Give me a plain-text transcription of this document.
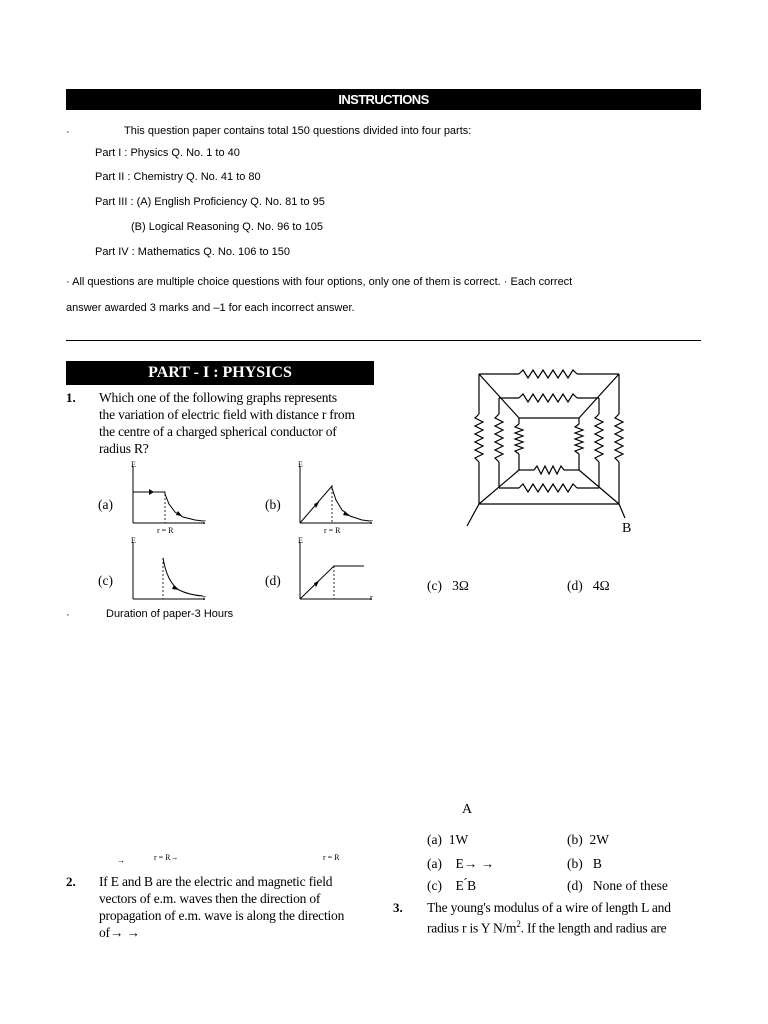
INSTRUCTIONS
·	This question paper contains total 150 questions divided into four parts:
Part I : Physics Q. No. 1 to 40
Part II : Chemistry Q. No. 41 to 80
Part III : (A) English Proficiency Q. No. 81 to 95
(B) Logical Reasoning Q. No. 96 to 105
Part IV : Mathematics Q. No. 106 to 150
· All questions are multiple choice questions with four options, only one of them is correct. · Each correct
answer awarded 3 marks and –1 for each incorrect answer.
PART - I : PHYSICS
1. Which one of the following graphs represents
the variation of electric field with distance r from
the centre of a charged spherical conductor of
radius R?
(a)	(b)
(c)	(d)
E
r
r = R
E
r
r = R
E
r
E
r
·	Duration of paper-3 Hours
B
A
(c) 3Ω	(d) 4Ω
(a) 1W	(b) 2W
→	r = R→	r = R	(a) E→ →	(b) B
(c) E ́B	(d) None of these
2. If E and B are the electric and magnetic field
vectors of e.m. waves then the direction of
propagation of e.m. wave is along the direction
of→ →
3. The young's modulus of a wire of length L and
radius r is Y $N/m^2$. If the length and radius are
